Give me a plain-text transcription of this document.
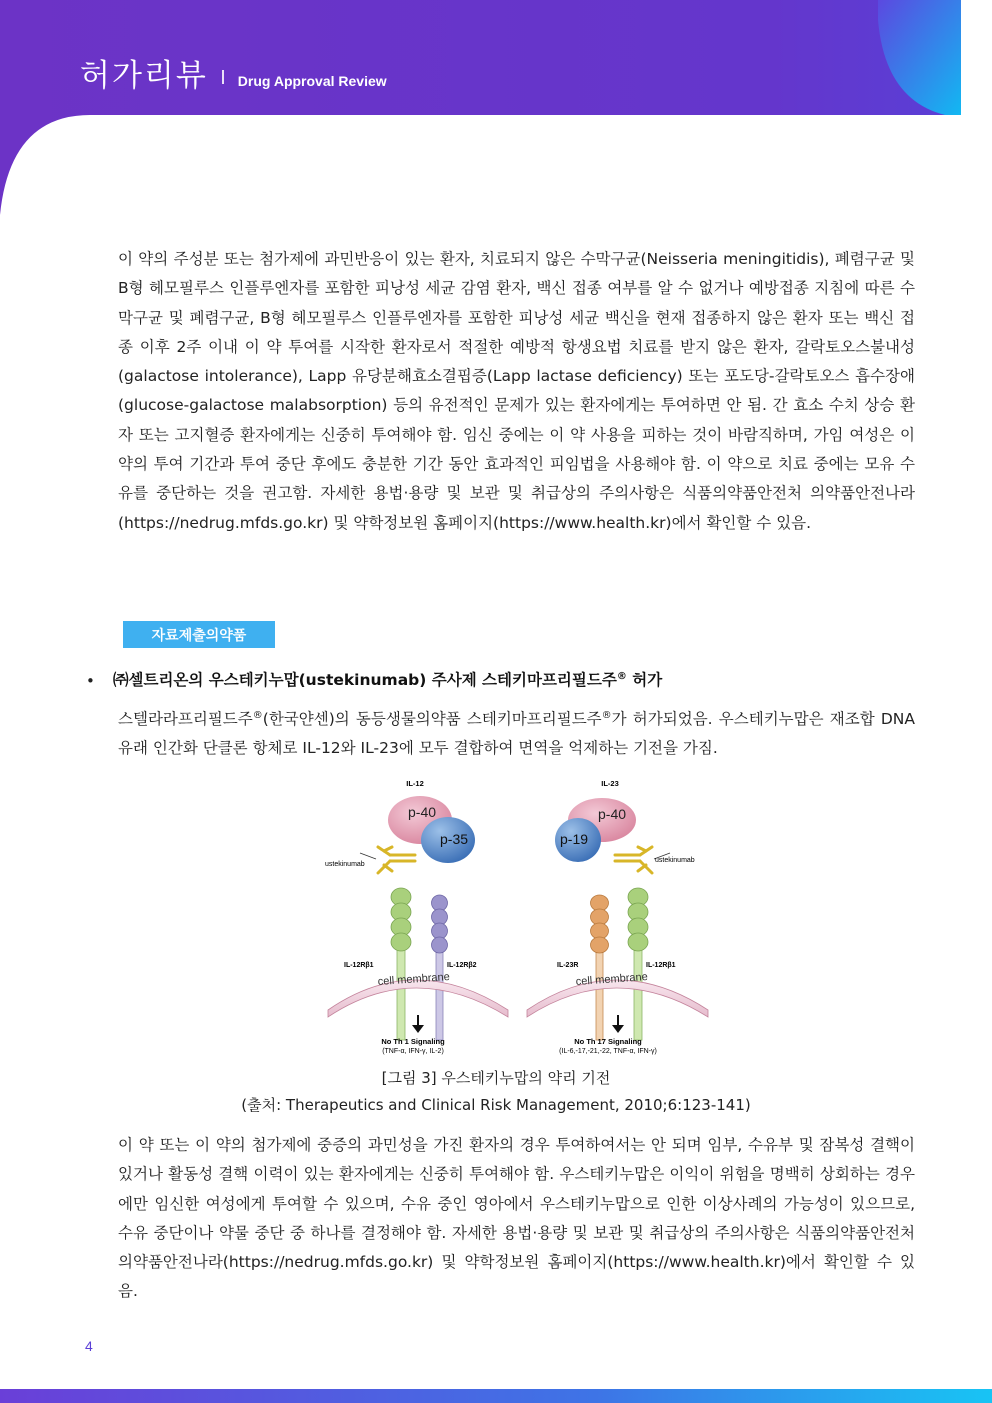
허가리뷰 Drug Approval Review

이 약의 주성분 또는 첨가제에 과민반응이 있는 환자, 치료되지 않은 수막구균(Neisseria meningitidis), 폐렴구균 및 B형 헤모필루스 인플루엔자를 포함한 피낭성 세균 감염 환자, 백신 접종 여부를 알 수 없거나 예방접종 지침에 따른 수막구균 및 폐렴구균, B형 헤모필루스 인플루엔자를 포함한 피낭성 세균 백신을 현재 접종하지 않은 환자 또는 백신 접종 이후 2주 이내 이 약 투여를 시작한 환자로서 적절한 예방적 항생요법 치료를 받지 않은 환자, 갈락토오스불내성(galactose intolerance), Lapp 유당분해효소결핍증(Lapp lactase deficiency) 또는 포도당-갈락토오스 흡수장애(glucose-galactose malabsorption) 등의 유전적인 문제가 있는 환자에게는 투여하면 안 됨. 간 효소 수치 상승 환자 또는 고지혈증 환자에게는 신중히 투여해야 함. 임신 중에는 이 약 사용을 피하는 것이 바람직하며, 가임 여성은 이 약의 투여 기간과 투여 중단 후에도 충분한 기간 동안 효과적인 피임법을 사용해야 함. 이 약으로 치료 중에는 모유 수유를 중단하는 것을 권고함. 자세한 용법·용량 및 보관 및 취급상의 주의사항은 식품의약품안전처 의약품안전나라(https://nedrug.mfds.go.kr) 및 약학정보원 홈페이지(https://www.health.kr)에서 확인할 수 있음.

자료제출의약품
• ㈜셀트리온의 우스테키누맙(ustekinumab) 주사제 스테키마프리필드주® 허가

스텔라라프리필드주®(한국얀센)의 동등생물의약품 스테키마프리필드주®가 허가되었음. 우스테키누맙은 재조합 DNA 유래 인간화 단클론 항체로 IL-12와 IL-23에 모두 결합하여 면역을 억제하는 기전을 가짐.

IL-12
p-40
p-35
ustekinumab
IL-12Rβ1	IL-12Rβ2
cell membrane
No Th 1 Signaling
(TNF-α, IFN-γ, IL-2)
IL-23
p-40
p-19
ustekinumab
IL-23R	IL-12Rβ1
cell membrane
No Th 17 Signaling
(IL-6,-17,-21,-22, TNF-α, IFN-γ)
[그림 3] 우스테키누맙의 약리 기전
(출처: Therapeutics and Clinical Risk Management, 2010;6:123-141)

이 약 또는 이 약의 첨가제에 중증의 과민성을 가진 환자의 경우 투여하여서는 안 되며 임부, 수유부 및 잠복성 결핵이 있거나 활동성 결핵 이력이 있는 환자에게는 신중히 투여해야 함. 우스테키누맙은 이익이 위험을 명백히 상회하는 경우에만 임신한 여성에게 투여할 수 있으며, 수유 중인 영아에서 우스테키누맙으로 인한 이상사례의 가능성이 있으므로, 수유 중단이나 약물 중단 중 하나를 결정해야 함. 자세한 용법·용량 및 보관 및 취급상의 주의사항은 식품의약품안전처 의약품안전나라(https://nedrug.mfds.go.kr) 및 약학정보원 홈페이지(https://www.health.kr)에서 확인할 수 있음.

4
